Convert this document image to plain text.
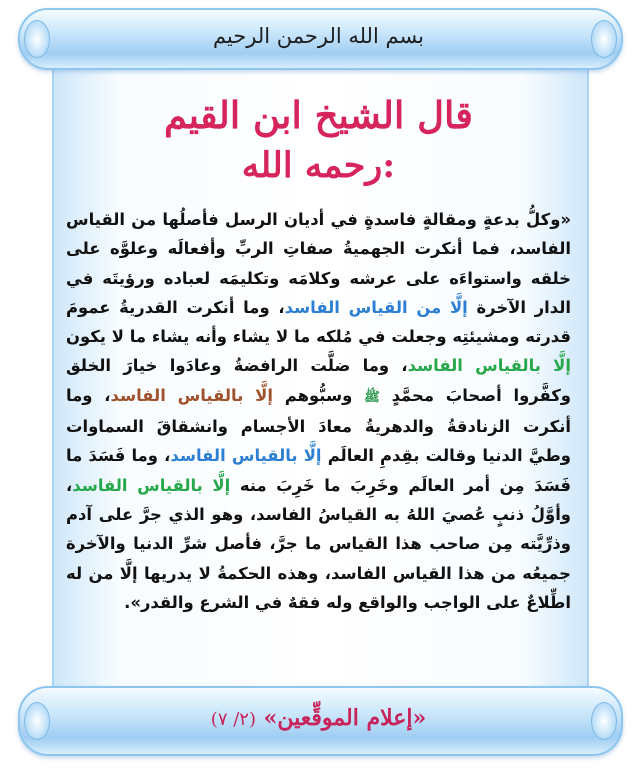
بسم الله الرحمن الرحيم
قال الشيخ ابن القيم
رحمه الله:
«وكلُّ بدعةٍ ومقالةٍ فاسدةٍ في أديان الرسل فأصلُها من القياس الفاسد، فما أنكرت الجهميةُ صفاتِ الربِّ وأفعالَه وعلوَّه على خلقه واستواءَه على عرشه وكلامَه وتكليمَه لعباده ورؤيتَه في الدار الآخرة إلَّا من القياس الفاسد، وما أنكرت القدريةُ عمومَ قدرته ومشيئتِه وجعلت في مُلكه ما لا يشاء وأنه يشاء ما لا يكون إلَّا بالقياس الفاسد، وما ضلَّت الرافضةُ وعادَوا خيارَ الخلق وكفَّروا أصحابَ محمَّدٍ ﷺ وسبُّوهم إلَّا بالقياس الفاسد، وما أنكرت الزنادقةُ والدهريةُ معادَ الأجسام وانشقاقَ السماوات وطيَّ الدنيا وقالت بقِدمِ العالَم إلَّا بالقياس الفاسد، وما فَسَدَ ما فَسَدَ مِن أمر العالَم وخَرِبَ ما خَرِبَ منه إلَّا بالقياس الفاسد، وأوَّلُ ذنبٍ عُصيَ اللهُ به القياسُ الفاسد، وهو الذي جرَّ على آدم وذرِّيَّته مِن صاحب هذا القياس ما جرَّ، فأصل شرِّ الدنيا والآخرة جميعُه من هذا القياس الفاسد، وهذه الحكمةُ لا يدريها إلَّا من له اطِّلاعٌ على الواجب والواقع وله فقهٌ في الشرع والقدر».
«إعلام الموقِّعين» (٢/ ٧)
